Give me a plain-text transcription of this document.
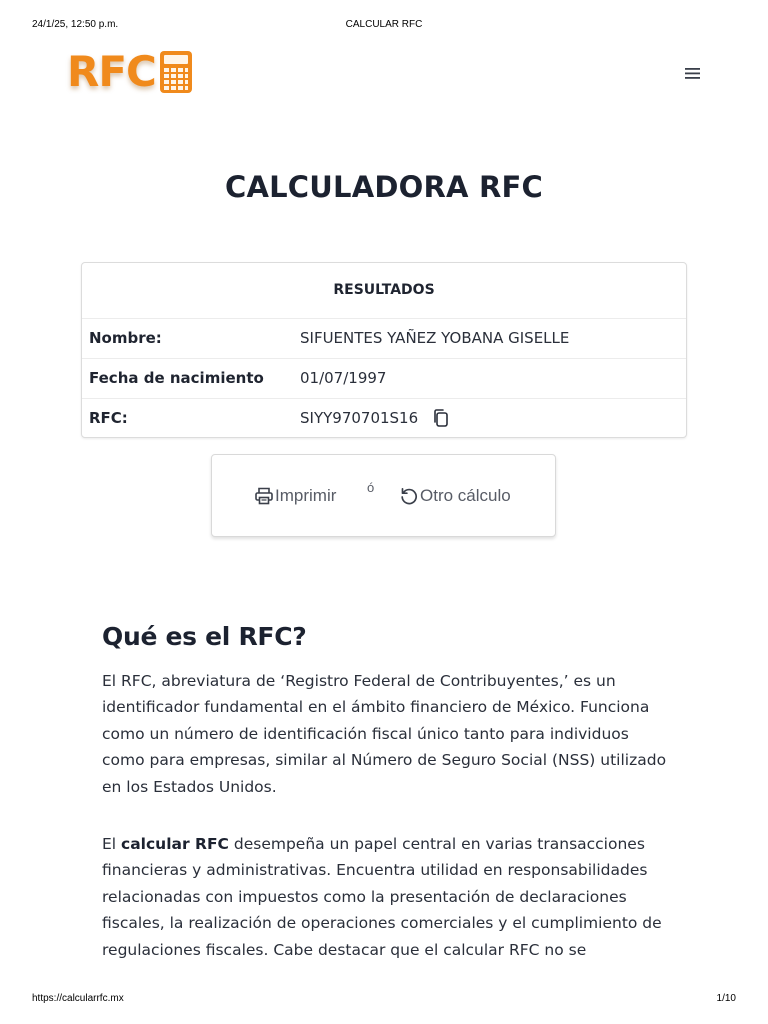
24/1/25, 12:50 p.m.	CALCULAR RFC
RFC
CALCULADORA RFC
RESULTADOS
Nombre:	SIFUENTES YAÑEZ YOBANA GISELLE
Fecha de nacimiento 01/07/1997
RFC:	SIYY970701S16
Imprimir ó	Otro cálculo
Qué es el RFC?

El RFC, abreviatura de ‘Registro Federal de Contribuyentes,’ es un identificador fundamental en el ámbito financiero de México. Funciona como un número de identificación fiscal único tanto para individuos como para empresas, similar al Número de Seguro Social (NSS) utilizado en los Estados Unidos.

El calcular RFC desempeña un papel central en varias transacciones financieras y administrativas. Encuentra utilidad en responsabilidades relacionadas con impuestos como la presentación de declaraciones fiscales, la realización de operaciones comerciales y el cumplimiento de regulaciones fiscales. Cabe destacar que el calcular RFC no se

https://calcularrfc.mx	1/10
